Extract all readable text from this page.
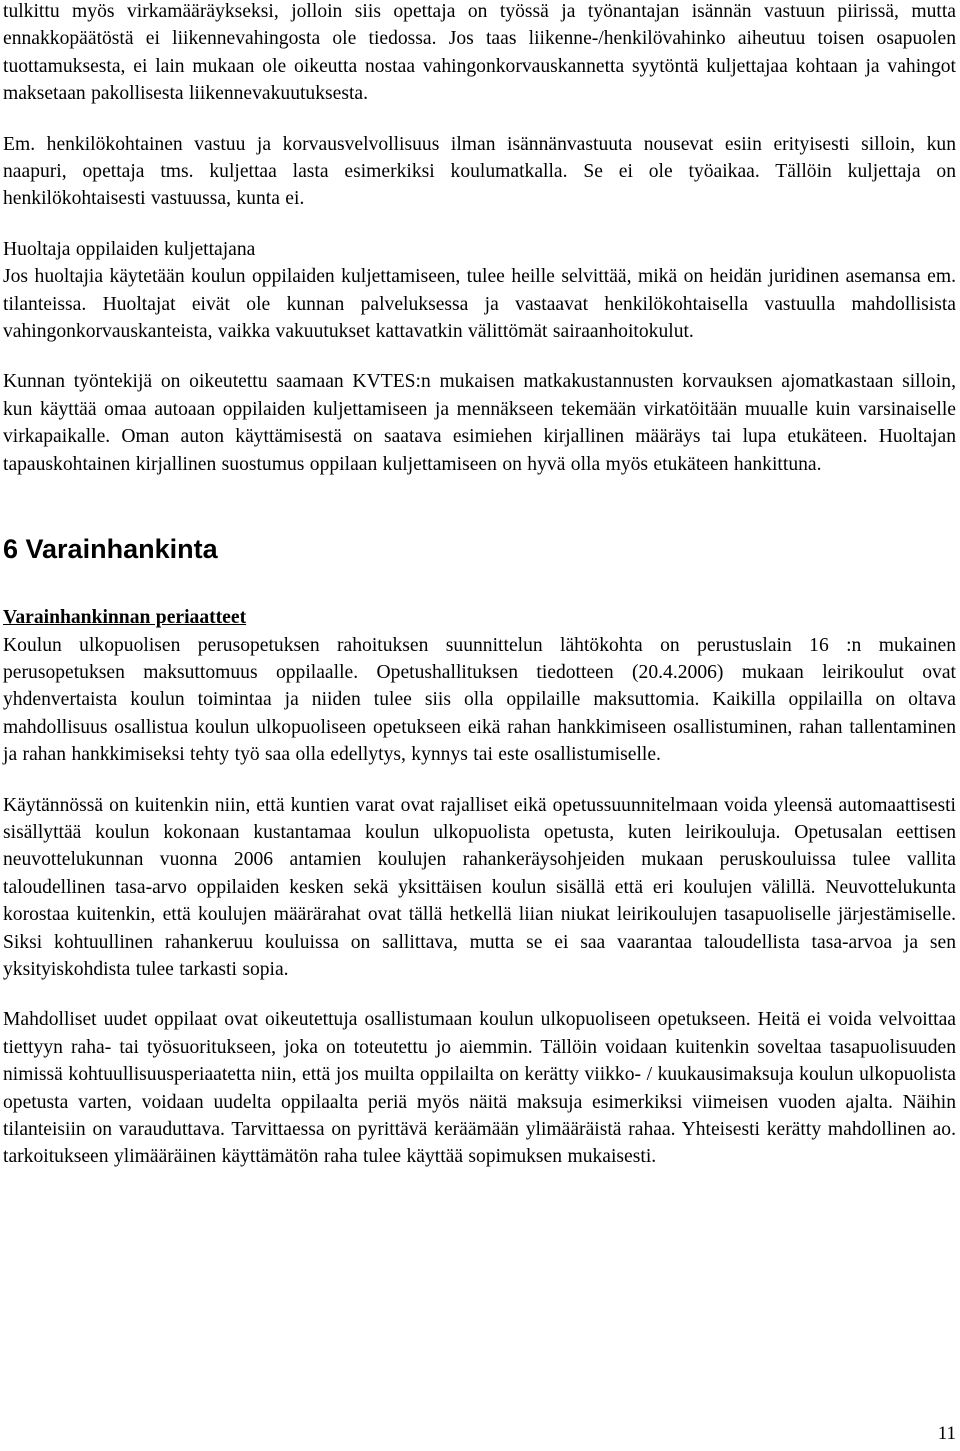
tulkittu myös virkamääräykseksi, jolloin siis opettaja on työssä ja työnantajan isännän vastuun piirissä, mutta ennakkopäätöstä ei liikennevahingosta ole tiedossa. Jos taas liikenne-/henkilövahinko aiheutuu toisen osapuolen tuottamuksesta, ei lain mukaan ole oikeutta nostaa vahingonkorvauskannetta syytöntä kuljettajaa kohtaan ja vahingot maksetaan pakollisesta liikennevakuutuksesta.

Em. henkilökohtainen vastuu ja korvausvelvollisuus ilman isännänvastuuta nousevat esiin erityisesti silloin, kun naapuri, opettaja tms. kuljettaa lasta esimerkiksi koulumatkalla. Se ei ole työaikaa. Tällöin kuljettaja on henkilökohtaisesti vastuussa, kunta ei.

Huoltaja oppilaiden kuljettajana

Jos huoltajia käytetään koulun oppilaiden kuljettamiseen, tulee heille selvittää, mikä on heidän juridinen asemansa em. tilanteissa. Huoltajat eivät ole kunnan palveluksessa ja vastaavat henkilökohtaisella vastuulla mahdollisista vahingonkorvauskanteista, vaikka vakuutukset kattavatkin välittömät sairaanhoitokulut.

Kunnan työntekijä on oikeutettu saamaan KVTES:n mukaisen matkakustannusten korvauksen ajomatkastaan silloin, kun käyttää omaa autoaan oppilaiden kuljettamiseen ja mennäkseen tekemään virkatöitään muualle kuin varsinaiselle virkapaikalle. Oman auton käyttämisestä on saatava esimiehen kirjallinen määräys tai lupa etukäteen. Huoltajan tapauskohtainen kirjallinen suostumus oppilaan kuljettamiseen on hyvä olla myös etukäteen hankittuna.

6 Varainhankinta

Varainhankinnan periaatteet

Koulun ulkopuolisen perusopetuksen rahoituksen suunnittelun lähtökohta on perustuslain 16 :n mukainen perusopetuksen maksuttomuus oppilaalle. Opetushallituksen tiedotteen (20.4.2006) mukaan leirikoulut ovat yhdenvertaista koulun toimintaa ja niiden tulee siis olla oppilaille maksuttomia. Kaikilla oppilailla on oltava mahdollisuus osallistua koulun ulkopuoliseen opetukseen eikä rahan hankkimiseen osallistuminen, rahan tallentaminen ja rahan hankkimiseksi tehty työ saa olla edellytys, kynnys tai este osallistumiselle.

Käytännössä on kuitenkin niin, että kuntien varat ovat rajalliset eikä opetussuunnitelmaan voida yleensä automaattisesti sisällyttää koulun kokonaan kustantamaa koulun ulkopuolista opetusta, kuten leirikouluja. Opetusalan eettisen neuvottelukunnan vuonna 2006 antamien koulujen rahankeräysohjeiden mukaan peruskouluissa tulee vallita taloudellinen tasa-arvo oppilaiden kesken sekä yksittäisen koulun sisällä että eri koulujen välillä. Neuvottelukunta korostaa kuitenkin, että koulujen määrärahat ovat tällä hetkellä liian niukat leirikoulujen tasapuoliselle järjestämiselle. Siksi kohtuullinen rahankeruu kouluissa on sallittava, mutta se ei saa vaarantaa taloudellista tasa-arvoa ja sen yksityiskohdista tulee tarkasti sopia.

Mahdolliset uudet oppilaat ovat oikeutettuja osallistumaan koulun ulkopuoliseen opetukseen. Heitä ei voida velvoittaa tiettyyn raha- tai työsuoritukseen, joka on toteutettu jo aiemmin. Tällöin voidaan kuitenkin soveltaa tasapuolisuuden nimissä kohtuullisuusperiaatetta niin, että jos muilta oppilailta on kerätty viikko- / kuukausimaksuja koulun ulkopuolista opetusta varten, voidaan uudelta oppilaalta periä myös näitä maksuja esimerkiksi viimeisen vuoden ajalta. Näihin tilanteisiin on varauduttava. Tarvittaessa on pyrittävä keräämään ylimääräistä rahaa. Yhteisesti kerätty mahdollinen ao. tarkoitukseen ylimääräinen käyttämätön raha tulee käyttää sopimuksen mukaisesti.

11
